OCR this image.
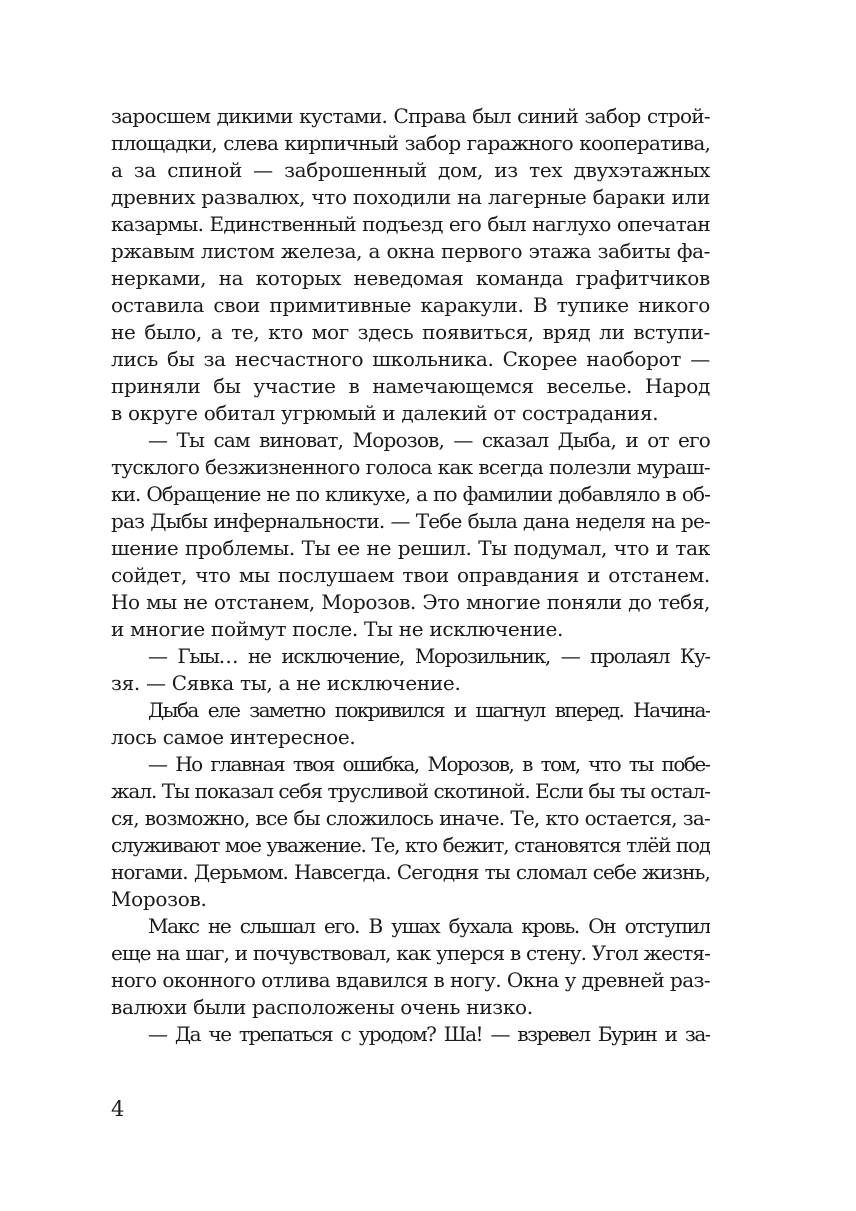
заросшем дикими кустами. Справа был синий забор строй-
площадки, слева кирпичный забор гаражного кооператива,
а за спиной — заброшенный дом, из тех двухэтажных
древних развалюх, что походили на лагерные бараки или
казармы. Единственный подъезд его был наглухо опечатан
ржавым листом железа, а окна первого этажа забиты фа-
нерками, на которых неведомая команда графитчиков
оставила свои примитивные каракули. В тупике никого
не было, а те, кто мог здесь появиться, вряд ли вступи-
лись бы за несчастного школьника. Скорее наоборот —
приняли бы участие в намечающемся веселье. Народ
в округе обитал угрюмый и далекий от сострадания.
— Ты сам виноват, Морозов, — сказал Дыба, и от его
тусклого безжизненного голоса как всегда полезли мураш-
ки. Обращение не по кликухе, а по фамилии добавляло в об-
раз Дыбы инфернальности. — Тебе была дана неделя на ре-
шение проблемы. Ты ее не решил. Ты подумал, что и так
сойдет, что мы послушаем твои оправдания и отстанем.
Но мы не отстанем, Морозов. Это многие поняли до тебя,
и многие поймут после. Ты не исключение.
— Гыы… не исключение, Морозильник, — пролаял Ку-
зя. — Сявка ты, а не исключение.
Дыба еле заметно покривился и шагнул вперед. Начина-
лось самое интересное.
— Но главная твоя ошибка, Морозов, в том, что ты побе-
жал. Ты показал себя трусливой скотиной. Если бы ты остал-
ся, возможно, все бы сложилось иначе. Те, кто остается, за-
служивают мое уважение. Те, кто бежит, становятся тлёй под
ногами. Дерьмом. Навсегда. Сегодня ты сломал себе жизнь,
Морозов.
Макс не слышал его. В ушах бухала кровь. Он отступил
еще на шаг, и почувствовал, как уперся в стену. Угол жестя-
ного оконного отлива вдавился в ногу. Окна у древней раз-
валюхи были расположены очень низко.
— Да че трепаться с уродом? Ша! — взревел Бурин и за-
4
